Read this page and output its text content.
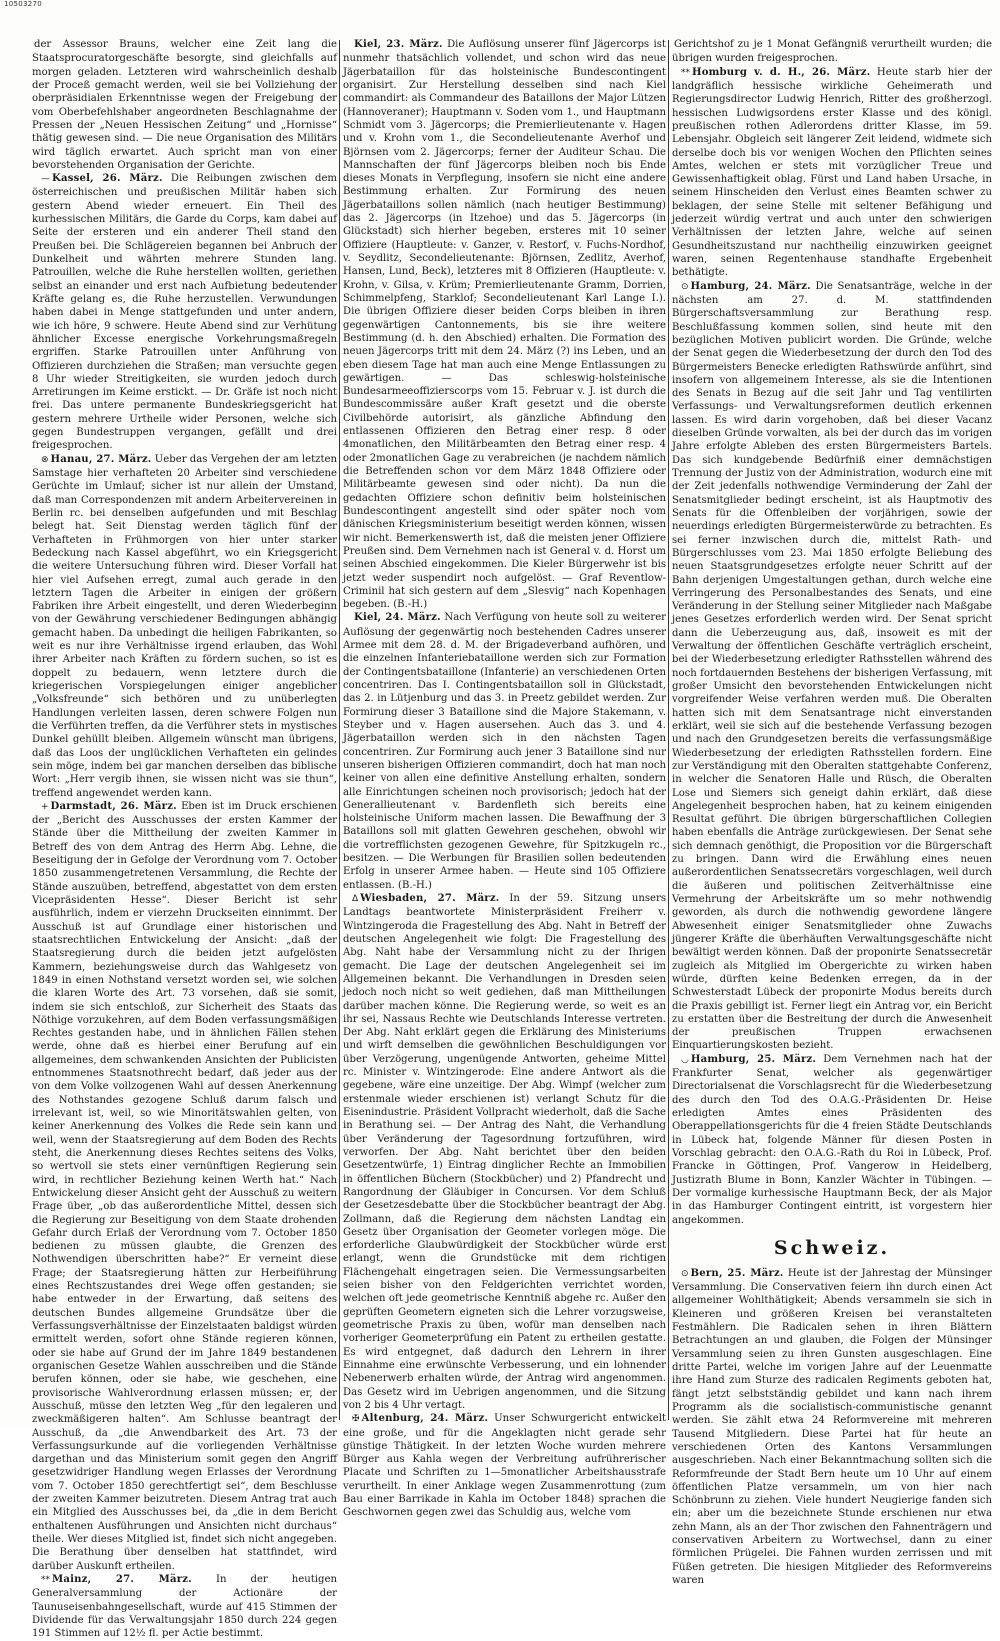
10503270

der Assessor Brauns, welcher eine Zeit lang die Staatsprocuratorgeschäfte besorgte, sind gleichfalls auf morgen geladen. Letzteren wird wahrscheinlich deshalb der Proceß gemacht werden, weil sie bei Vollziehung der oberpräsidialen Erkenntnisse wegen der Freigebung der vom Oberbefehlshaber angeordneten Beschlagnahme der Pressen der „Neuen Hessischen Zeitung“ und „Hornisse“ thätig gewesen sind. — Die neue Organisation des Militärs wird täglich erwartet. Auch spricht man von einer bevorstehenden Organisation der Gerichte.

— Kassel, 26. März. Die Reibungen zwischen dem österreichischen und preußischen Militär haben sich gestern Abend wieder erneuert. Ein Theil des kurhessischen Militärs, die Garde du Corps, kam dabei auf Seite der ersteren und ein anderer Theil stand den Preußen bei. Die Schlägereien begannen bei Anbruch der Dunkelheit und währten mehrere Stunden lang. Patrouillen, welche die Ruhe herstellen wollten, geriethen selbst an einander und erst nach Aufbietung bedeutender Kräfte gelang es, die Ruhe herzustellen. Verwundungen haben dabei in Menge stattgefunden und unter andern, wie ich höre, 9 schwere. Heute Abend sind zur Verhütung ähnlicher Excesse energische Vorkehrungsmaßregeln ergriffen. Starke Patrouillen unter Anführung von Offizieren durchziehen die Straßen; man versuchte gegen 8 Uhr wieder Streitigkeiten, sie wurden jedoch durch Arretirungen im Keime erstickt. — Dr. Gräfe ist noch nicht frei. Das untere permanente Bundeskriegsgericht hat gestern mehrere Urtheile wider Personen, welche sich gegen Bundestruppen vergangen, gefällt und drei freigesprochen.

⊗ Hanau, 27. März. Ueber das Vergehen der am letzten Samstage hier verhafteten 20 Arbeiter sind verschiedene Gerüchte im Umlauf; sicher ist nur allein der Umstand, daß man Correspondenzen mit andern Arbeitervereinen in Berlin rc. bei denselben aufgefunden und mit Beschlag belegt hat. Seit Dienstag werden täglich fünf der Verhafteten in Frühmorgen von hier unter starker Bedeckung nach Kassel abgeführt, wo ein Kriegsgericht die weitere Untersuchung führen wird. Dieser Vorfall hat hier viel Aufsehen erregt, zumal auch gerade in den letztern Tagen die Arbeiter in einigen der größern Fabriken ihre Arbeit eingestellt, und deren Wiederbeginn von der Gewährung verschiedener Bedingungen abhängig gemacht haben. Da unbedingt die heiligen Fabrikanten, so weit es nur ihre Verhältnisse irgend erlauben, das Wohl ihrer Arbeiter nach Kräften zu fördern suchen, so ist es doppelt zu bedauern, wenn letztere durch die kriegerischen Vorspiegelungen einiger angeblicher „Volksfreunde“ sich bethören und zu unüberlegten Handlungen verleiten lassen, deren schwere Folgen nun die Verführten treffen, da die Verführer stets in mystisches Dunkel gehüllt bleiben. Allgemein wünscht man übrigens, daß das Loos der unglücklichen Verhafteten ein gelindes sein möge, indem bei gar manchen derselben das biblische Wort: „Herr vergib ihnen, sie wissen nicht was sie thun“, treffend angewendet werden kann.

+ Darmstadt, 26. März. Eben ist im Druck erschienen der „Bericht des Ausschusses der ersten Kammer der Stände über die Mittheilung der zweiten Kammer in Betreff des von dem Antrag des Herrn Abg. Lehne, die Beseitigung der in Gefolge der Verordnung vom 7. October 1850 zusammengetretenen Versammlung, die Rechte der Stände auszuüben, betreffend, abgestattet von dem ersten Vicepräsidenten Hesse“. Dieser Bericht ist sehr ausführlich, indem er vierzehn Druckseiten einnimmt. Der Ausschuß ist auf Grundlage einer historischen und staatsrechtlichen Entwickelung der Ansicht: „daß der Staatsregierung durch die beiden jetzt aufgelösten Kammern, beziehungsweise durch das Wahlgesetz von 1849 in einen Nothstand versetzt worden sei, wie solchen die klaren Worte des Art. 73 vorsehen, daß sie somit, indem sie sich entschloß, zur Sicherheit des Staats das Nöthige vorzukehren, auf dem Boden verfassungsmäßigen Rechtes gestanden habe, und in ähnlichen Fällen stehen werde, ohne daß es hierbei einer Berufung auf ein allgemeines, dem schwankenden Ansichten der Publicisten entnommenes Staatsnothrecht bedarf, daß jeder aus der von dem Volke vollzogenen Wahl auf dessen Anerkennung des Nothstandes gezogene Schluß darum falsch und irrelevant ist, weil, so wie Minoritätswahlen gelten, von keiner Anerkennung des Volkes die Rede sein kann und weil, wenn der Staatsregierung auf dem Boden des Rechts steht, die Anerkennung dieses Rechtes seitens des Volks, so wertvoll sie stets einer vernünftigen Regierung sein wird, in rechtlicher Beziehung keinen Werth hat.“ Nach Entwickelung dieser Ansicht geht der Ausschuß zu weitern Frage über, „ob das außerordentliche Mittel, dessen sich die Regierung zur Beseitigung von dem Staate drohenden Gefahr durch Erlaß der Verordnung vom 7. October 1850 bedienen zu müssen glaubte, die Grenzen des Nothwendigen überschritten habe?“ Er verneint diese Frage; der Staatsregierung hätten zur Herbeiführung eines Rechtszustandes drei Wege offen gestanden; sie habe entweder in der Erwartung, daß seitens des deutschen Bundes allgemeine Grundsätze über die Verfassungsverhältnisse der Einzelstaaten baldigst würden ermittelt werden, sofort ohne Stände regieren können, oder sie habe auf Grund der im Jahre 1849 bestandenen organischen Gesetze Wahlen ausschreiben und die Stände berufen können, oder sie habe, wie geschehen, eine provisorische Wahlverordnung erlassen müssen; er, der Ausschuß, müsse den letzten Weg „für den legaleren und zweckmäßigeren halten“. Am Schlusse beantragt der Ausschuß, da „die Anwendbarkeit des Art. 73 der Verfassungsurkunde auf die vorliegenden Verhältnisse dargethan und das Ministerium somit gegen den Angriff gesetzwidriger Handlung wegen Erlasses der Verordnung vom 7. October 1850 gerechtfertigt sei“, dem Beschlusse der zweiten Kammer beizutreten. Diesem Antrag trat auch ein Mitglied des Ausschusses bei, da „die in dem Bericht enthaltenen Ausführungen und Ansichten nicht durchaus“ theile. Wer dieses Mitglied ist, findet sich nicht angegeben. Die Berathung über denselben hat stattfindet, wird darüber Auskunft ertheilen.

** Mainz, 27. März. In der heutigen Generalversammlung der Actionäre der Taunuseisenbahngesellschaft, wurde auf 415 Stimmen der Dividende für das Verwaltungsjahr 1850 durch 224 gegen 191 Stimmen auf 12½ fl. per Actie bestimmt.

Kiel, 23. März. Die Auflösung unserer fünf Jägercorps ist nunmehr thatsächlich vollendet, und schon wird das neue Jägerbataillon für das holsteinische Bundescontingent organisirt. Zur Herstellung desselben sind nach Kiel commandirt: als Commandeur des Bataillons der Major Lützen (Hannoveraner); Hauptmann v. Soden vom 1., und Hauptmann Schmidt vom 3. Jägercorps; die Premierlieutenante v. Hagen und v. Krohn vom 1., die Secondelieutenante Averhof und Björnsen vom 2. Jägercorps; ferner der Auditeur Schau. Die Mannschaften der fünf Jägercorps bleiben noch bis Ende dieses Monats in Verpflegung, insofern sie nicht eine andere Bestimmung erhalten. Zur Formirung des neuen Jägerbataillons sollen nämlich (nach heutiger Bestimmung) das 2. Jägercorps (in Itzehoe) und das 5. Jägercorps (in Glückstadt) sich hierher begeben, ersteres mit 10 seiner Offiziere (Hauptleute: v. Ganzer, v. Restorf, v. Fuchs-Nordhof, v. Seydlitz, Secondelieutenante: Björnsen, Zedlitz, Averhof, Hansen, Lund, Beck), letzteres mit 8 Offizieren (Hauptleute: v. Krohn, v. Gilsa, v. Krüm; Premierlieutenante Gramm, Dorrien, Schimmelpfeng, Starklof; Secondelieutenant Karl Lange I.). Die übrigen Offiziere dieser beiden Corps bleiben in ihren gegenwärtigen Cantonnements, bis sie ihre weitere Bestimmung (d. h. den Abschied) erhalten. Die Formation des neuen Jägercorps tritt mit dem 24. März (?) ins Leben, und an eben diesem Tage hat man auch eine Menge Entlassungen zu gewärtigen. — Das schleswig-holsteinische Bundesarmeeoffizierscorps vom 15. Februar v. J. ist durch die Bundescommissäre außer Kraft gesetzt und die oberste Civilbehörde autorisirt, als gänzliche Abfindung den entlassenen Offizieren den Betrag einer resp. 8 oder 4monatlichen, den Militärbeamten den Betrag einer resp. 4 oder 2monatlichen Gage zu verabreichen (je nachdem nämlich die Betreffenden schon vor dem März 1848 Offiziere oder Militärbeamte gewesen sind oder nicht). Da nun die gedachten Offiziere schon definitiv beim holsteinischen Bundescontingent angestellt sind oder später noch vom dänischen Kriegsministerium beseitigt werden können, wissen wir nicht. Bemerkenswerth ist, daß die meisten jener Offiziere Preußen sind. Dem Vernehmen nach ist General v. d. Horst um seinen Abschied eingekommen. Die Kieler Bürgerwehr ist bis jetzt weder suspendirt noch aufgelöst. — Graf Reventlow-Criminil hat sich gestern auf dem „Slesvig“ nach Kopenhagen begeben. (B.-H.)

Kiel, 24. März. Nach Verfügung von heute soll zu weiterer Auflösung der gegenwärtig noch bestehenden Cadres unserer Armee mit dem 28. d. M. der Brigadeverband aufhören, und die einzelnen Infanteriebataillone werden sich zur Formation der Contingentsbataillone (Infanterie) an verschiedenen Orten concentriren. Das I. Contingentsbataillon soll in Glückstadt, das 2. in Lütjenburg und das 3. in Preetz gebildet werden. Zur Formirung dieser 3 Bataillone sind die Majore Stakemann, v. Steyber und v. Hagen ausersehen. Auch das 3. und 4. Jägerbataillon werden sich in den nächsten Tagen concentriren. Zur Formirung auch jener 3 Bataillone sind nur unseren bisherigen Offizieren commandirt, doch hat man noch keiner von allen eine definitive Anstellung erhalten, sondern alle Einrichtungen scheinen noch provisorisch; jedoch hat der Generallieutenant v. Bardenfleth sich bereits eine holsteinische Uniform machen lassen. Die Bewaffnung der 3 Bataillons soll mit glatten Gewehren geschehen, obwohl wir die vortrefflichsten gezogenen Gewehre, für Spitzkugeln rc., besitzen. — Die Werbungen für Brasilien sollen bedeutenden Erfolg in unserer Armee haben. — Heute sind 105 Offiziere entlassen. (B.-H.)

Δ Wiesbaden, 27. März. In der 59. Sitzung unsers Landtags beantwortete Ministerpräsident Freiherr v. Wintzingeroda die Fragestellung des Abg. Naht in Betreff der deutschen Angelegenheit wie folgt: Die Fragestellung des Abg. Naht habe der Versammlung nicht zu der Ihrigen gemacht. Die Lage der deutschen Angelegenheit sei im Allgemeinen bekannt. Die Verhandlungen in Dresden seien jedoch noch nicht so weit gediehen, daß man Mittheilungen darüber machen könne. Die Regierung werde, so weit es an ihr sei, Nassaus Rechte wie Deutschlands Interesse vertreten. Der Abg. Naht erklärt gegen die Erklärung des Ministeriums und wirft demselben die gewöhnlichen Beschuldigungen vor über Verzögerung, ungenügende Antworten, geheime Mittel rc. Minister v. Wintzingerode: Eine andere Antwort als die gegebene, wäre eine unzeitige. Der Abg. Wimpf (welcher zum erstenmale wieder erschienen ist) verlangt Schutz für die Eisenindustrie. Präsident Vollpracht wiederholt, daß die Sache in Berathung sei. — Der Antrag des Naht, die Verhandlung über Veränderung der Tagesordnung fortzuführen, wird verworfen. Der Abg. Naht berichtet über den beiden Gesetzentwürfe, 1) Eintrag dinglicher Rechte an Immobilien in öffentlichen Büchern (Stockbücher) und 2) Pfandrecht und Rangordnung der Gläubiger in Concursen. Vor dem Schluß der Gesetzesdebatte über die Stockbücher beantragt der Abg. Zollmann, daß die Regierung dem nächsten Landtag ein Gesetz über Organisation der Geometer vorlegen möge. Die erforderliche Glaubwürdigkeit der Stockbücher würde erst erlangt, wenn die Grundstücke mit dem richtigen Flächengehalt eingetragen seien. Die Vermessungsarbeiten seien bisher von den Feldgerichten verrichtet worden, welchen oft jede geometrische Kenntniß abgehe rc. Außer den geprüften Geometern eigneten sich die Lehrer vorzugsweise, geometrische Praxis zu üben, wofür man denselben nach vorheriger Geometerprüfung ein Patent zu ertheilen gestatte. Es wird entgegnet, daß dadurch den Lehrern in ihrer Einnahme eine erwünschte Verbesserung, und ein lohnender Nebenerwerb erhalten würde, der Antrag wird angenommen. Das Gesetz wird im Uebrigen angenommen, und die Sitzung von 2 bis 4 Uhr vertagt.

✠ Altenburg, 24. März. Unser Schwurgericht entwickelt eine große, und für die Angeklagten nicht gerade sehr günstige Thätigkeit. In der letzten Woche wurden mehrere Bürger aus Kahla wegen der Verbreitung aufrührerischer Placate und Schriften zu 1—5monatlicher Arbeitshausstrafe verurtheilt. In einer Anklage wegen Zusammenrottung (zum Bau einer Barrikade in Kahla im October 1848) sprachen die Geschwornen gegen zwei das Schuldig aus, welche vom

Gerichtshof zu je 1 Monat Gefängniß verurtheilt wurden; die übrigen wurden freigesprochen.

** Homburg v. d. H., 26. März. Heute starb hier der landgräflich hessische wirkliche Geheimerath und Regierungsdirector Ludwig Henrich, Ritter des großherzogl. hessischen Ludwigsordens erster Klasse und des königl. preußischen rothen Adlerordens dritter Klasse, im 59. Lebensjahr. Obgleich seit längerer Zeit leidend, widmete sich derselbe doch bis vor wenigen Wochen den Pflichten seines Amtes, welchen er stets mit vorzüglicher Treue und Gewissenhaftigkeit oblag. Fürst und Land haben Ursache, in seinem Hinscheiden den Verlust eines Beamten schwer zu beklagen, der seine Stelle mit seltener Befähigung und jederzeit würdig vertrat und auch unter den schwierigen Verhältnissen der letzten Jahre, welche auf seinen Gesundheitszustand nur nachtheilig einzuwirken geeignet waren, seinen Regentenhause standhafte Ergebenheit bethätigte.

⊙ Hamburg, 24. März. Die Senatsanträge, welche in der nächsten am 27. d. M. stattfindenden Bürgerschaftsversammlung zur Berathung resp. Beschlußfassung kommen sollen, sind heute mit den bezüglichen Motiven publicirt worden. Die Gründe, welche der Senat gegen die Wiederbesetzung der durch den Tod des Bürgermeisters Benecke erledigten Rathswürde anführt, sind insofern von allgemeinem Interesse, als sie die Intentionen des Senats in Bezug auf die seit Jahr und Tag ventilirten Verfassungs- und Verwaltungsreformen deutlich erkennen lassen. Es wird darin vorgehoben, daß bei dieser Vacanz dieselben Gründe vorwalten, als bei der durch das im vorigen Jahre erfolgte Ableben des ersten Bürgermeisters Bartels. Das sich kundgebende Bedürfniß einer demnächstigen Trennung der Justiz von der Administration, wodurch eine mit der Zeit jedenfalls nothwendige Verminderung der Zahl der Senatsmitglieder bedingt erscheint, ist als Hauptmotiv des Senats für die Offenbleiben der vorjährigen, sowie der neuerdings erledigten Bürgermeisterwürde zu betrachten. Es sei ferner inzwischen durch die, mittelst Rath- und Bürgerschlusses vom 23. Mai 1850 erfolgte Beliebung des neuen Staatsgrundgesetzes erfolgte neuer Schritt auf der Bahn derjenigen Umgestaltungen gethan, durch welche eine Verringerung des Personalbestandes des Senats, und eine Veränderung in der Stellung seiner Mitglieder nach Maßgabe jenes Gesetzes erforderlich werden wird. Der Senat spricht dann die Ueberzeugung aus, daß, insoweit es mit der Verwaltung der öffentlichen Geschäfte verträglich erscheint, bei der Wiederbesetzung erledigter Rathsstellen während des noch fortdauernden Bestehens der bisherigen Verfassung, mit großer Umsicht den bevorstehenden Entwickelungen nicht vorgreifender Weise verfahren werden muß. Die Oberalten hatten sich mit dem Senatsantrage nicht einverstanden erklärt, weil sie sich auf die bestehende Verfassung bezogen und nach den Grundgesetzen bereits die verfassungsmäßige Wiederbesetzung der erledigten Rathsstellen fordern. Eine zur Verständigung mit den Oberalten stattgehabte Conferenz, in welcher die Senatoren Halle und Rüsch, die Oberalten Lose und Siemers sich geneigt dahin erklärt, daß diese Angelegenheit besprochen haben, hat zu keinem einigenden Resultat geführt. Die übrigen bürgerschaftlichen Collegien haben ebenfalls die Anträge zurückgewiesen. Der Senat sehe sich demnach genöthigt, die Proposition vor die Bürgerschaft zu bringen. Dann wird die Erwählung eines neuen außerordentlichen Senatssecretärs vorgeschlagen, weil durch die äußeren und politischen Zeitverhältnisse eine Vermehrung der Arbeitskräfte um so mehr nothwendig geworden, als durch die nothwendig gewordene längere Abwesenheit einiger Senatsmitglieder ohne Zuwachs jüngerer Kräfte die überhäuften Verwaltungsgeschäfte nicht bewältigt werden können. Daß der proponirte Senatssecretär zugleich als Mitglied im Obergerichte zu wirken haben würde, dürften keine Bedenken erregen, da in der Schwesterstadt Lübeck der proponirte Modus bereits durch die Praxis gebilligt ist. Ferner liegt ein Antrag vor, ein Bericht zu erstatten über die Bestreitung der durch die Anwesenheit der preußischen Truppen erwachsenen Einquartierungskosten bezieht.

◡ Hamburg, 25. März. Dem Vernehmen nach hat der Frankfurter Senat, welcher als gegenwärtiger Directorialsenat die Vorschlagsrecht für die Wiederbesetzung des durch den Tod des O.A.G.-Präsidenten Dr. Heise erledigten Amtes eines Präsidenten des Oberappellationsgerichts für die 4 freien Städte Deutschlands in Lübeck hat, folgende Männer für diesen Posten in Vorschlag gebracht: den O.A.G.-Rath du Roi in Lübeck, Prof. Francke in Göttingen, Prof. Vangerow in Heidelberg, Justizrath Blume in Bonn, Kanzler Wächter in Tübingen. — Der vormalige kurhessische Hauptmann Beck, der als Major in das Hamburger Contingent eintritt, ist vorgestern hier angekommen.

Schweiz.

⊙ Bern, 25. März. Heute ist der Jahrestag der Münsinger Versammlung. Die Conservativen feiern ihn durch einen Act allgemeiner Wohlthätigkeit; Abends versammeln sie sich in Kleineren und größeren Kreisen bei veranstalteten Festmählern. Die Radicalen sehen in ihren Blättern Betrachtungen an und glauben, die Folgen der Münsinger Versammlung seien zu ihren Gunsten ausgeschlagen. Eine dritte Partei, welche im vorigen Jahre auf der Leuenmatte ihre Hand zum Sturze des radicalen Regiments geboten hat, fängt jetzt selbstständig gebildet und kann nach ihrem Programm als die socialistisch-communistische genannt werden. Sie zählt etwa 24 Reformvereine mit mehreren Tausend Mitgliedern. Diese Partei hat für heute an verschiedenen Orten des Kantons Versammlungen ausgeschrieben. Nach einer Bekanntmachung sollten sich die Reformfreunde der Stadt Bern heute um 10 Uhr auf einem öffentlichen Platze versammeln, um von hier nach Schönbrunn zu ziehen. Viele hundert Neugierige fanden sich ein; aber um die bezeichnete Stunde erschienen nur etwa zehn Mann, als an der Thor zwischen den Fahnenträgern und conservativen Arbeitern zu Wortwechsel, dann zu einer förmlichen Prügelei. Die Fahnen wurden zerrissen und mit Füßen getreten. Die hiesigen Mitglieder des Reformvereins waren
